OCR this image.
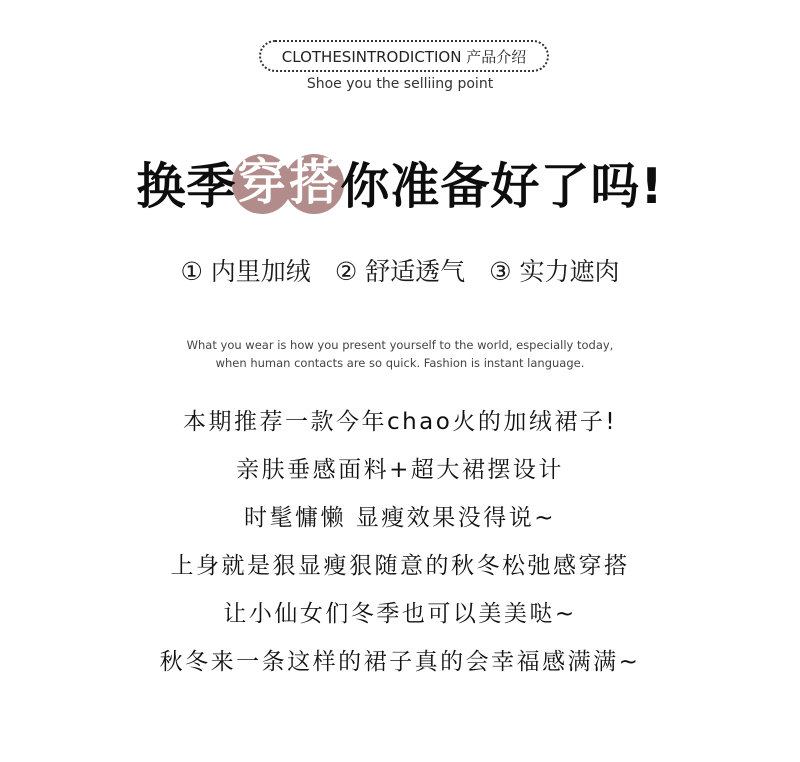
CLOTHESINTRODICTION 产品介绍
Shoe you the selliing point
换季 穿 搭 你准备好了吗!
① 内里加绒 ② 舒适透气 ③ 实力遮肉
What you wear is how you present yourself to the world, especially today,
when human contacts are so quick. Fashion is instant language.
本期推荐一款今年chao火的加绒裙子!
亲肤垂感面料+超大裙摆设计
时髦慵懒 显瘦效果没得说~
上身就是狠显瘦狠随意的秋冬松弛感穿搭
让小仙女们冬季也可以美美哒~
秋冬来一条这样的裙子真的会幸福感满满~
